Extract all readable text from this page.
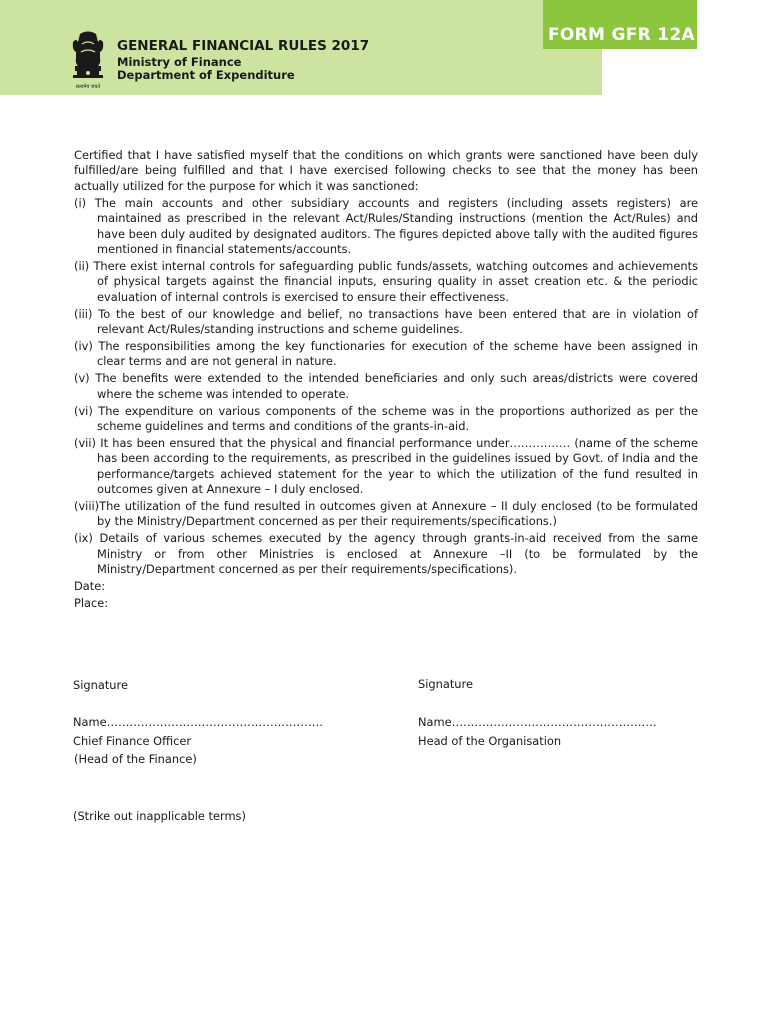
FORM GFR 12A
सत्यमेव जयते
GENERAL FINANCIAL RULES 2017
Ministry of Finance
Department of Expenditure

Certified that I have satisfied myself that the conditions on which grants were sanctioned have been duly fulfilled/are being fulfilled and that I have exercised following checks to see that the money has been actually utilized for the purpose for which it was sanctioned:

(i) The main accounts and other subsidiary accounts and registers (including assets registers) are maintained as prescribed in the relevant Act/Rules/Standing instructions (mention the Act/Rules) and have been duly audited by designated auditors. The figures depicted above tally with the audited figures mentioned in financial statements/accounts.

(ii) There exist internal controls for safeguarding public funds/assets, watching outcomes and achievements of physical targets against the financial inputs, ensuring quality in asset creation etc. & the periodic evaluation of internal controls is exercised to ensure their effectiveness.

(iii) To the best of our knowledge and belief, no transactions have been entered that are in violation of relevant Act/Rules/standing instructions and scheme guidelines.

(iv) The responsibilities among the key functionaries for execution of the scheme have been assigned in clear terms and are not general in nature.

(v) The benefits were extended to the intended beneficiaries and only such areas/districts were covered where the scheme was intended to operate.

(vi) The expenditure on various components of the scheme was in the proportions authorized as per the scheme guidelines and terms and conditions of the grants-in-aid.

(vii) It has been ensured that the physical and financial performance under……………. (name of the scheme has been according to the requirements, as prescribed in the guidelines issued by Govt. of India and the performance/targets achieved statement for the year to which the utilization of the fund resulted in outcomes given at Annexure – I duly enclosed.

(viii)The utilization of the fund resulted in outcomes given at Annexure – II duly enclosed (to be formulated by the Ministry/Department concerned as per their requirements/specifications.)

(ix) Details of various schemes executed by the agency through grants-in-aid received from the same Ministry or from other Ministries is enclosed at Annexure –II (to be formulated by the Ministry/Department concerned as per their requirements/specifications).

Date:

Place:

Signature	Signature
Name…………………………………………………	Name………………………………………………
Chief Finance Officer	Head of the Organisation
(Head of the Finance)
(Strike out inapplicable terms)
